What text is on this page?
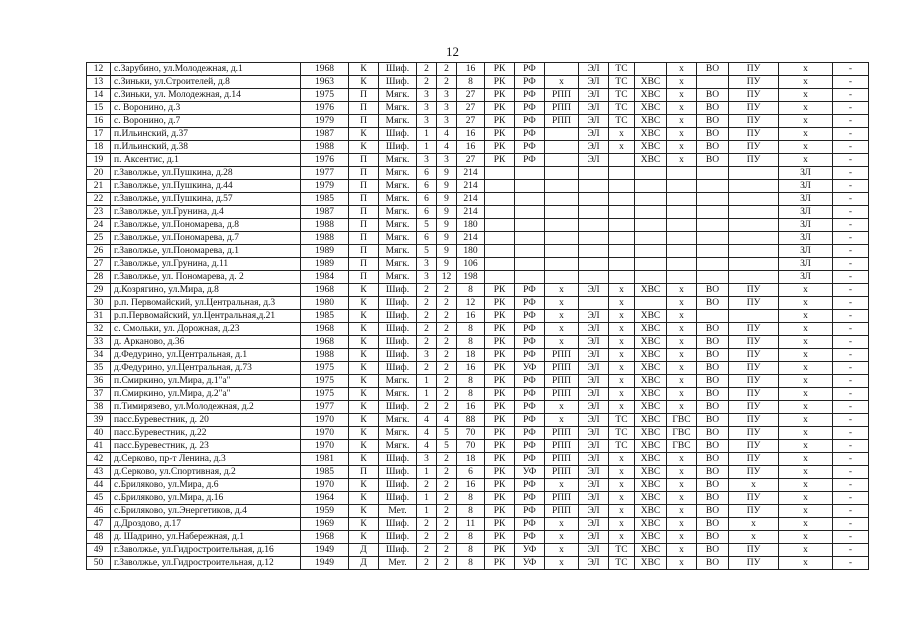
12
12	с.Зарубино, ул.Молодежная, д.1	1968	К	Шиф.	2	2	16	РК	РФ		ЭЛ	ТС		х	ВО	ПУ	х	-
13	с.Зиньки, ул.Строителей, д.8	1963	К	Шиф.	2	2	8	РК	РФ	х	ЭЛ	ТС	ХВС	х		ПУ	х	-
14	с.Зиньки, ул. Молодежная, д.14	1975	П	Мягк.	3	3	27	РК	РФ	РПП	ЭЛ	ТС	ХВС	х	ВО	ПУ	х	-
15	с. Воронино, д.3	1976	П	Мягк.	3	3	27	РК	РФ	РПП	ЭЛ	ТС	ХВС	х	ВО	ПУ	х	-
16	с. Воронино, д.7	1979	П	Мягк.	3	3	27	РК	РФ	РПП	ЭЛ	ТС	ХВС	х	ВО	ПУ	х	-
17	п.Ильинский, д.37	1987	К	Шиф.	1	4	16	РК	РФ		ЭЛ	х	ХВС	х	ВО	ПУ	х	-
18	п.Ильинский, д.38	1988	К	Шиф.	1	4	16	РК	РФ		ЭЛ	х	ХВС	х	ВО	ПУ	х	-
19	п. Аксентис, д.1	1976	П	Мягк.	3	3	27	РК	РФ		ЭЛ		ХВС	х	ВО	ПУ	х	-
20	г.Заволжье, ул.Пушкина, д.28	1977	П	Мягк.	6	9	214										ЗЛ	-
21	г.Заволжье, ул.Пушкина, д.44	1979	П	Мягк.	6	9	214										ЗЛ	-
22	г.Заволжье, ул.Пушкина, д.57	1985	П	Мягк.	6	9	214										ЗЛ	-
23	г.Заволжье, ул.Грунина, д.4	1987	П	Мягк.	6	9	214										ЗЛ	-
24	г.Заволжье, ул.Пономарева, д.8	1988	П	Мягк.	5	9	180										ЗЛ	-
25	г.Заволжье, ул.Пономарева, д.7	1988	П	Мягк.	6	9	214										ЗЛ	-
26	г.Заволжье, ул.Пономарева, д.1	1989	П	Мягк.	5	9	180										ЗЛ	-
27	г.Заволжье, ул.Грунина, д.11	1989	П	Мягк.	3	9	106										ЗЛ	-
28	г.Заволжье, ул. Пономарева, д. 2	1984	П	Мягк.	3	12	198										ЗЛ	-
29	д.Козрягино, ул.Мира, д.8	1968	К	Шиф.	2	2	8	РК	РФ	х	ЭЛ	х	ХВС	х	ВО	ПУ	х	-
30	р.п. Первомайский, ул.Центральная, д.3	1980	К	Шиф.	2	2	12	РК	РФ	х		х		х	ВО	ПУ	х	-
31	р.п.Первомайский, ул.Центральная,д.21	1985	К	Шиф.	2	2	16	РК	РФ	х	ЭЛ	х	ХВС	х			х	-
32	с. Смольки, ул. Дорожная, д.23	1968	К	Шиф.	2	2	8	РК	РФ	х	ЭЛ	х	ХВС	х	ВО	ПУ	х	-
33	д. Арканово, д.36	1968	К	Шиф.	2	2	8	РК	РФ	х	ЭЛ	х	ХВС	х	ВО	ПУ	х	-
34	д.Федурино, ул.Центральная, д.1	1988	К	Шиф.	3	2	18	РК	РФ	РПП	ЭЛ	х	ХВС	х	ВО	ПУ	х	-
35	д.Федурино, ул.Центральная, д.73	1975	К	Шиф.	2	2	16	РК	УФ	РПП	ЭЛ	х	ХВС	х	ВО	ПУ	х	-
36	п.Смиркино, ул.Мира, д.1"а"	1975	К	Мягк.	1	2	8	РК	РФ	РПП	ЭЛ	х	ХВС	х	ВО	ПУ	х	-
37	п.Смиркино, ул.Мира, д.2"а"	1975	К	Мягк.	1	2	8	РК	РФ	РПП	ЭЛ	х	ХВС	х	ВО	ПУ	х	-
38	п.Тимирязево, ул.Молодежная, д.2	1977	К	Шиф.	2	2	16	РК	РФ	х	ЭЛ	х	ХВС	х	ВО	ПУ	х	-
39	пасс.Буревестник, д. 20	1970	К	Мягк.	4	4	88	РК	РФ	х	ЭЛ	ТС	ХВС	ГВС	ВО	ПУ	х	-
40	пасс.Буревестник, д.22	1970	К	Мягк.	4	5	70	РК	РФ	РПП	ЭЛ	ТС	ХВС	ГВС	ВО	ПУ	х	-
41	пасс.Буревестник, д. 23	1970	К	Мягк.	4	5	70	РК	РФ	РПП	ЭЛ	ТС	ХВС	ГВС	ВО	ПУ	х	-
42	д.Серково, пр-т Ленина, д.3	1981	К	Шиф.	3	2	18	РК	РФ	РПП	ЭЛ	х	ХВС	х	ВО	ПУ	х	-
43	д.Серково, ул.Спортивная, д.2	1985	П	Шиф.	1	2	6	РК	УФ	РПП	ЭЛ	х	ХВС	х	ВО	ПУ	х	-
44	с.Бриляково, ул.Мира, д.6	1970	К	Шиф.	2	2	16	РК	РФ	х	ЭЛ	х	ХВС	х	ВО	х	х	-
45	с.Бриляково, ул.Мира, д.16	1964	К	Шиф.	1	2	8	РК	РФ	РПП	ЭЛ	х	ХВС	х	ВО	ПУ	х	-
46	с.Бриляково, ул.Энергетиков, д.4	1959	К	Мет.	1	2	8	РК	РФ	РПП	ЭЛ	х	ХВС	х	ВО	ПУ	х	-
47	д.Дроздово, д.17	1969	К	Шиф.	2	2	11	РК	РФ	х	ЭЛ	х	ХВС	х	ВО	х	х	-
48	д. Шадрино, ул.Набережная, д.1	1968	К	Шиф.	2	2	8	РК	РФ	х	ЭЛ	х	ХВС	х	ВО	х	х	-
49	г.Заволжье, ул.Гидростроительная, д.16	1949	Д	Шиф.	2	2	8	РК	УФ	х	ЭЛ	ТС	ХВС	х	ВО	ПУ	х	-
50	г.Заволжье, ул.Гидростроительная, д.12	1949	Д	Мет.	2	2	8	РК	УФ	х	ЭЛ	ТС	ХВС	х	ВО	ПУ	х	-
